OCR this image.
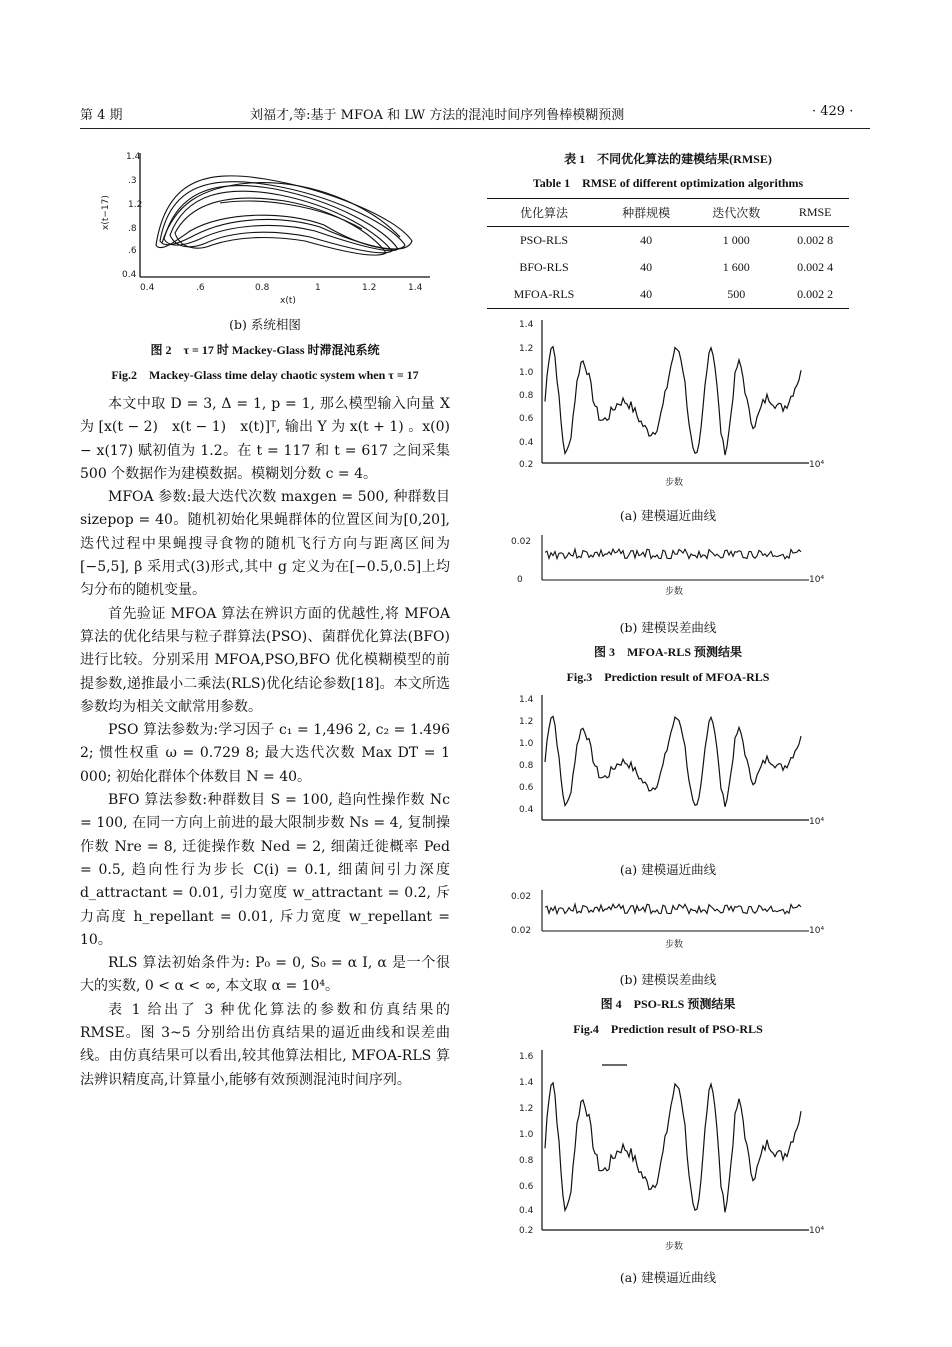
第 4 期	刘福才,等:基于 MFOA 和 LW 方法的混沌时间序列鲁棒模糊预测	· 429 ·
1.4
.3
1.2
.8
.6
0.4
0.4	.6	0.8	1	1.2	1.4
x(t)
x(t−17)
(b) 系统相图
图 2　τ = 17 时 Mackey-Glass 时滞混沌系统
Fig.2　Mackey-Glass time delay chaotic system when τ = 17

本文中取 D = 3, Δ = 1, p = 1, 那么模型输入向量 X 为 [x(t − 2)　x(t − 1)　x(t)]ᵀ, 输出 Y 为 x(t + 1) 。x(0) − x(17) 赋初值为 1.2。在 t = 117 和 t = 617 之间采集 500 个数据作为建模数据。模糊划分数 c = 4。

MFOA 参数:最大迭代次数 maxgen = 500, 种群数目 sizepop = 40。随机初始化果蝇群体的位置区间为[0,20],迭代过程中果蝇搜寻食物的随机飞行方向与距离区间为[−5,5], β 采用式(3)形式,其中 g 定义为在[−0.5,0.5]上均匀分布的随机变量。

首先验证 MFOA 算法在辨识方面的优越性,将 MFOA 算法的优化结果与粒子群算法(PSO)、菌群优化算法(BFO)进行比较。分别采用 MFOA,PSO,BFO 优化模糊模型的前提参数,递推最小二乘法(RLS)优化结论参数[18]。本文所选参数均为相关文献常用参数。

PSO 算法参数为:学习因子 c₁ = 1,496 2, c₂ = 1.496 2; 惯性权重 ω = 0.729 8; 最大迭代次数 Max DT = 1 000; 初始化群体个体数目 N = 40。

BFO 算法参数:种群数目 S = 100, 趋向性操作数 Nc = 100, 在同一方向上前进的最大限制步数 Ns = 4, 复制操作数 Nre = 8, 迁徙操作数 Ned = 2, 细菌迁徙概率 Ped = 0.5, 趋向性行为步长 C(i) = 0.1, 细菌间引力深度 d_attractant = 0.01, 引力宽度 w_attractant = 0.2, 斥力高度 h_repellant = 0.01, 斥力宽度 w_repellant = 10。

RLS 算法初始条件为: P₀ = 0, S₀ = α I, α 是一个很大的实数, 0 < α < ∞, 本文取 α = 10⁴。

表 1 给出了 3 种优化算法的参数和仿真结果的 RMSE。图 3~5 分别给出仿真结果的逼近曲线和误差曲线。由仿真结果可以看出,较其他算法相比, MFOA-RLS 算法辨识精度高,计算量小,能够有效预测混沌时间序列。

表 1　不同优化算法的建模结果(RMSE)
Table 1　RMSE of different optimization algorithms
优化算法	种群规模	迭代次数	RMSE
PSO-RLS	40	1 000	0.002 8
BFO-RLS	40	1 600	0.002 4
MFOA-RLS	40	500	0.002 2
1.4
1.2
1.0
0.8
0.6
0.4
0.2	10⁴
步数
(a) 建模逼近曲线
0.02
0	10⁴
步数
(b) 建模误差曲线
图 3　MFOA-RLS 预测结果
Fig.3　Prediction result of MFOA-RLS
1.4
1.2
1.0
0.8
0.6
0.4
10⁴
(a) 建模逼近曲线
0.02
0.02	10⁴
步数
(b) 建模误差曲线
图 4　PSO-RLS 预测结果
Fig.4　Prediction result of PSO-RLS
1.6
1.4
1.2
1.0
0.8
0.6
0.4
0.2	10⁴
步数
(a) 建模逼近曲线
